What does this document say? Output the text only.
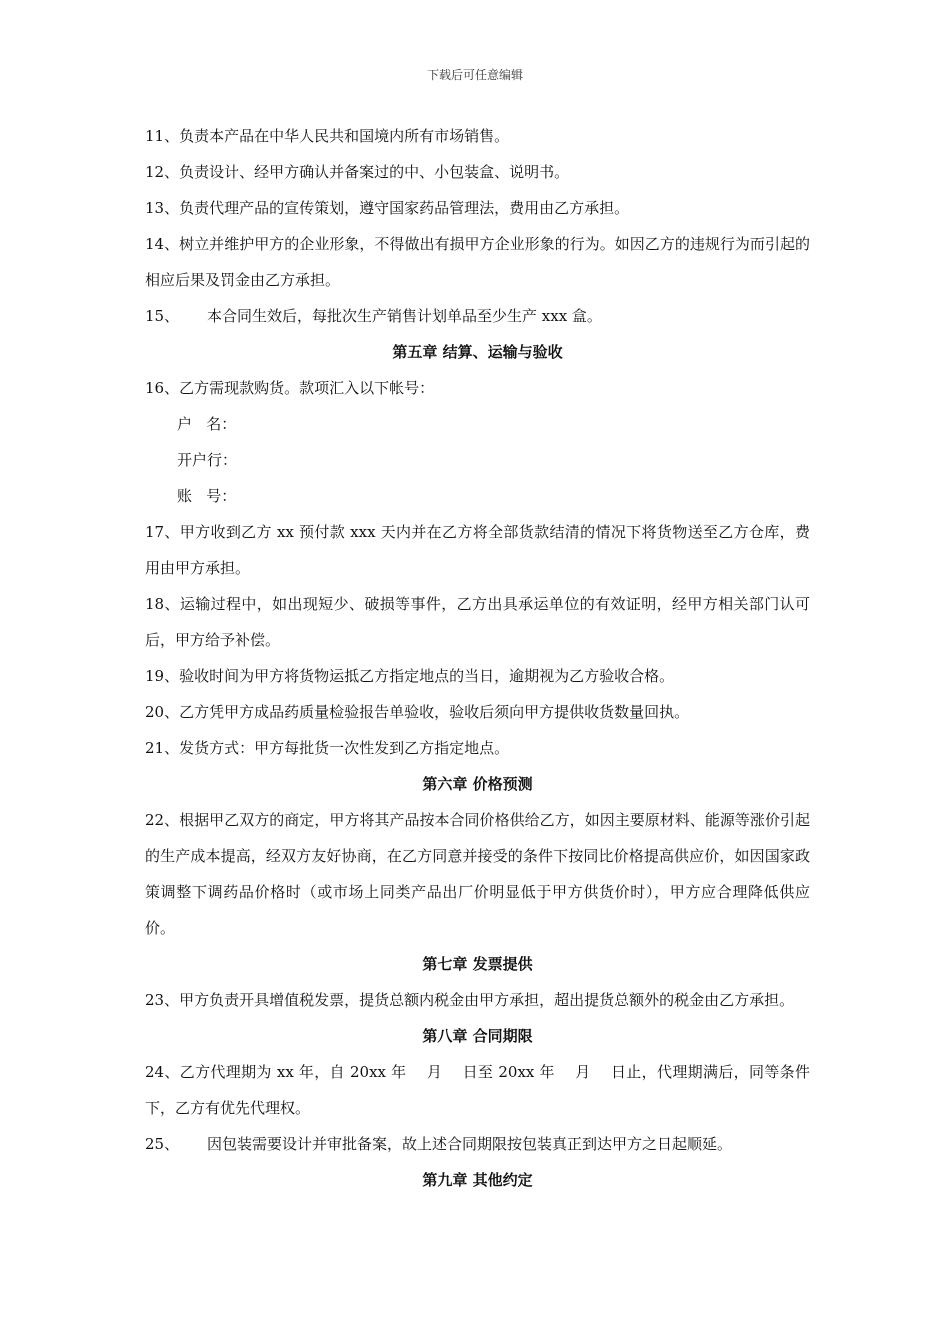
下载后可任意编辑

11、负责本产品在中华人民共和国境内所有市场销售。

12、负责设计、经甲方确认并备案过的中、小包装盒、说明书。

13、负责代理产品的宣传策划，遵守国家药品管理法，费用由乙方承担。

14、树立并维护甲方的企业形象，不得做出有损甲方企业形象的行为。如因乙方的违规行为而引起的相应后果及罚金由乙方承担。

15、 本合同生效后，每批次生产销售计划单品至少生产 xxx 盒。

第五章 结算、运输与验收

16、乙方需现款购货。款项汇入以下帐号：

户   名：

开户行：

账   号：

17、甲方收到乙方 xx 预付款 xxx 天内并在乙方将全部货款结清的情况下将货物送至乙方仓库，费用由甲方承担。

18、运输过程中，如出现短少、破损等事件，乙方出具承运单位的有效证明，经甲方相关部门认可后，甲方给予补偿。

19、验收时间为甲方将货物运抵乙方指定地点的当日，逾期视为乙方验收合格。

20、乙方凭甲方成品药质量检验报告单验收，验收后须向甲方提供收货数量回执。

21、发货方式：甲方每批货一次性发到乙方指定地点。

第六章 价格预测

22、根据甲乙双方的商定，甲方将其产品按本合同价格供给乙方，如因主要原材料、能源等涨价引起的生产成本提高，经双方友好协商，在乙方同意并接受的条件下按同比价格提高供应价，如因国家政策调整下调药品价格时（或市场上同类产品出厂价明显低于甲方供货价时），甲方应合理降低供应价。

第七章 发票提供

23、甲方负责开具增值税发票，提货总额内税金由甲方承担，超出提货总额外的税金由乙方承担。

第八章 合同期限

24、乙方代理期为 xx 年，自 20xx 年    月    日至 20xx 年    月    日止，代理期满后，同等条件下，乙方有优先代理权。

25、 因包装需要设计并审批备案，故上述合同期限按包装真正到达甲方之日起顺延。

第九章 其他约定
